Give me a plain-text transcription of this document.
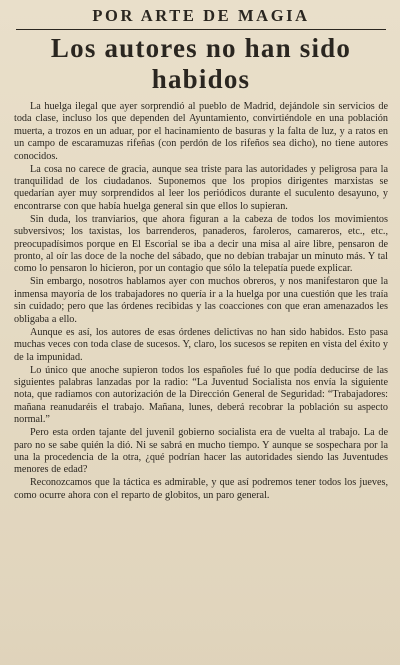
POR ARTE DE MAGIA
Los autores no han sido
habidos

La huelga ilegal que ayer sorprendió al pueblo de Madrid, dejándole sin servicios de toda clase, incluso los que dependen del Ayuntamiento, convirtiéndole en una población muerta, a trozos en un aduar, por el hacinamiento de basuras y la falta de luz, y a ratos en un campo de escaramuzas rifeñas (con perdón de los rifeños sea dicho), no tiene autores conocidos.

La cosa no carece de gracia, aunque sea triste para las autoridades y peligrosa para la tranquilidad de los ciudadanos. Suponemos que los propios dirigentes marxistas se quedarían ayer muy sorprendidos al leer los periódicos durante el suculento desayuno, y encontrarse con que había huelga general sin que ellos lo supieran.

Sin duda, los tranviarios, que ahora figuran a la cabeza de todos los movimientos subversivos; los taxistas, los barrenderos, panaderos, faroleros, camareros, etc., etc., preocupadísimos porque en El Escorial se iba a decir una misa al aire libre, pensaron de pronto, al oír las doce de la noche del sábado, que no debían trabajar un minuto más. Y tal como lo pensaron lo hicieron, por un contagio que sólo la telepatía puede explicar.

Sin embargo, nosotros hablamos ayer con muchos obreros, y nos manifestaron que la inmensa mayoría de los trabajadores no quería ir a la huelga por una cuestión que les traía sin cuidado; pero que las órdenes recibidas y las coacciones con que eran amenazados les obligaba a ello.

Aunque es así, los autores de esas órdenes delictivas no han sido habidos. Esto pasa muchas veces con toda clase de sucesos. Y, claro, los sucesos se repiten en vista del éxito y de la impunidad.

Lo único que anoche supieron todos los españoles fué lo que podía deducirse de las siguientes palabras lanzadas por la radio: “La Juventud Socialista nos envía la siguiente nota, que radiamos con autorización de la Dirección General de Seguridad: “Trabajadores: mañana reanudaréis el trabajo. Mañana, lunes, deberá recobrar la población su aspecto normal.”

Pero esta orden tajante del juvenil gobierno socialista era de vuelta al trabajo. La de paro no se sabe quién la dió. Ni se sabrá en mucho tiempo. Y aunque se sospechara por la una la procedencia de la otra, ¿qué podrían hacer las autoridades siendo las Juventudes menores de edad?

Reconozcamos que la táctica es admirable, y que así podremos tener todos los jueves, como ocurre ahora con el reparto de globitos, un paro general.
